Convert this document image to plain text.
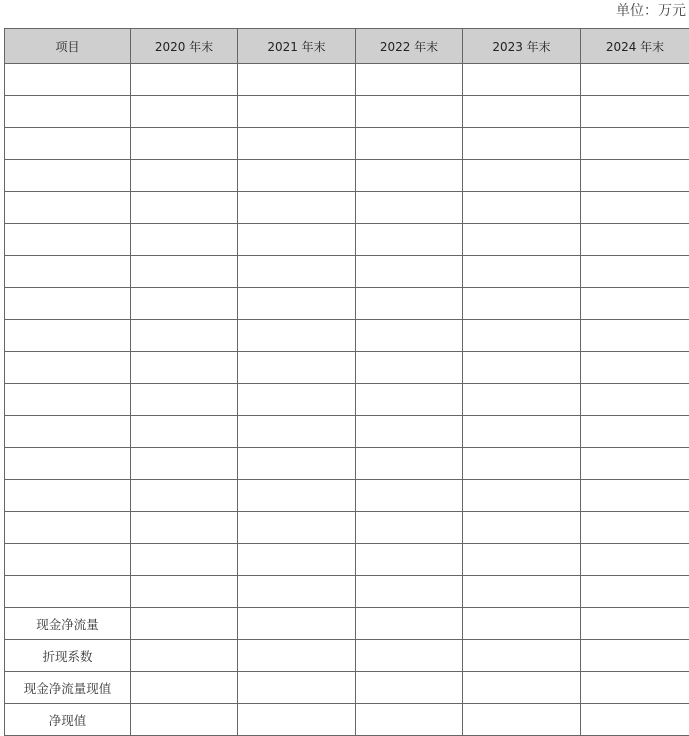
单位：万元
项目	2020 年末	2021 年末	2022 年末	2023 年末	2024 年末

现金净流量					
折现系数					
现金净流量现值					
净现值					
